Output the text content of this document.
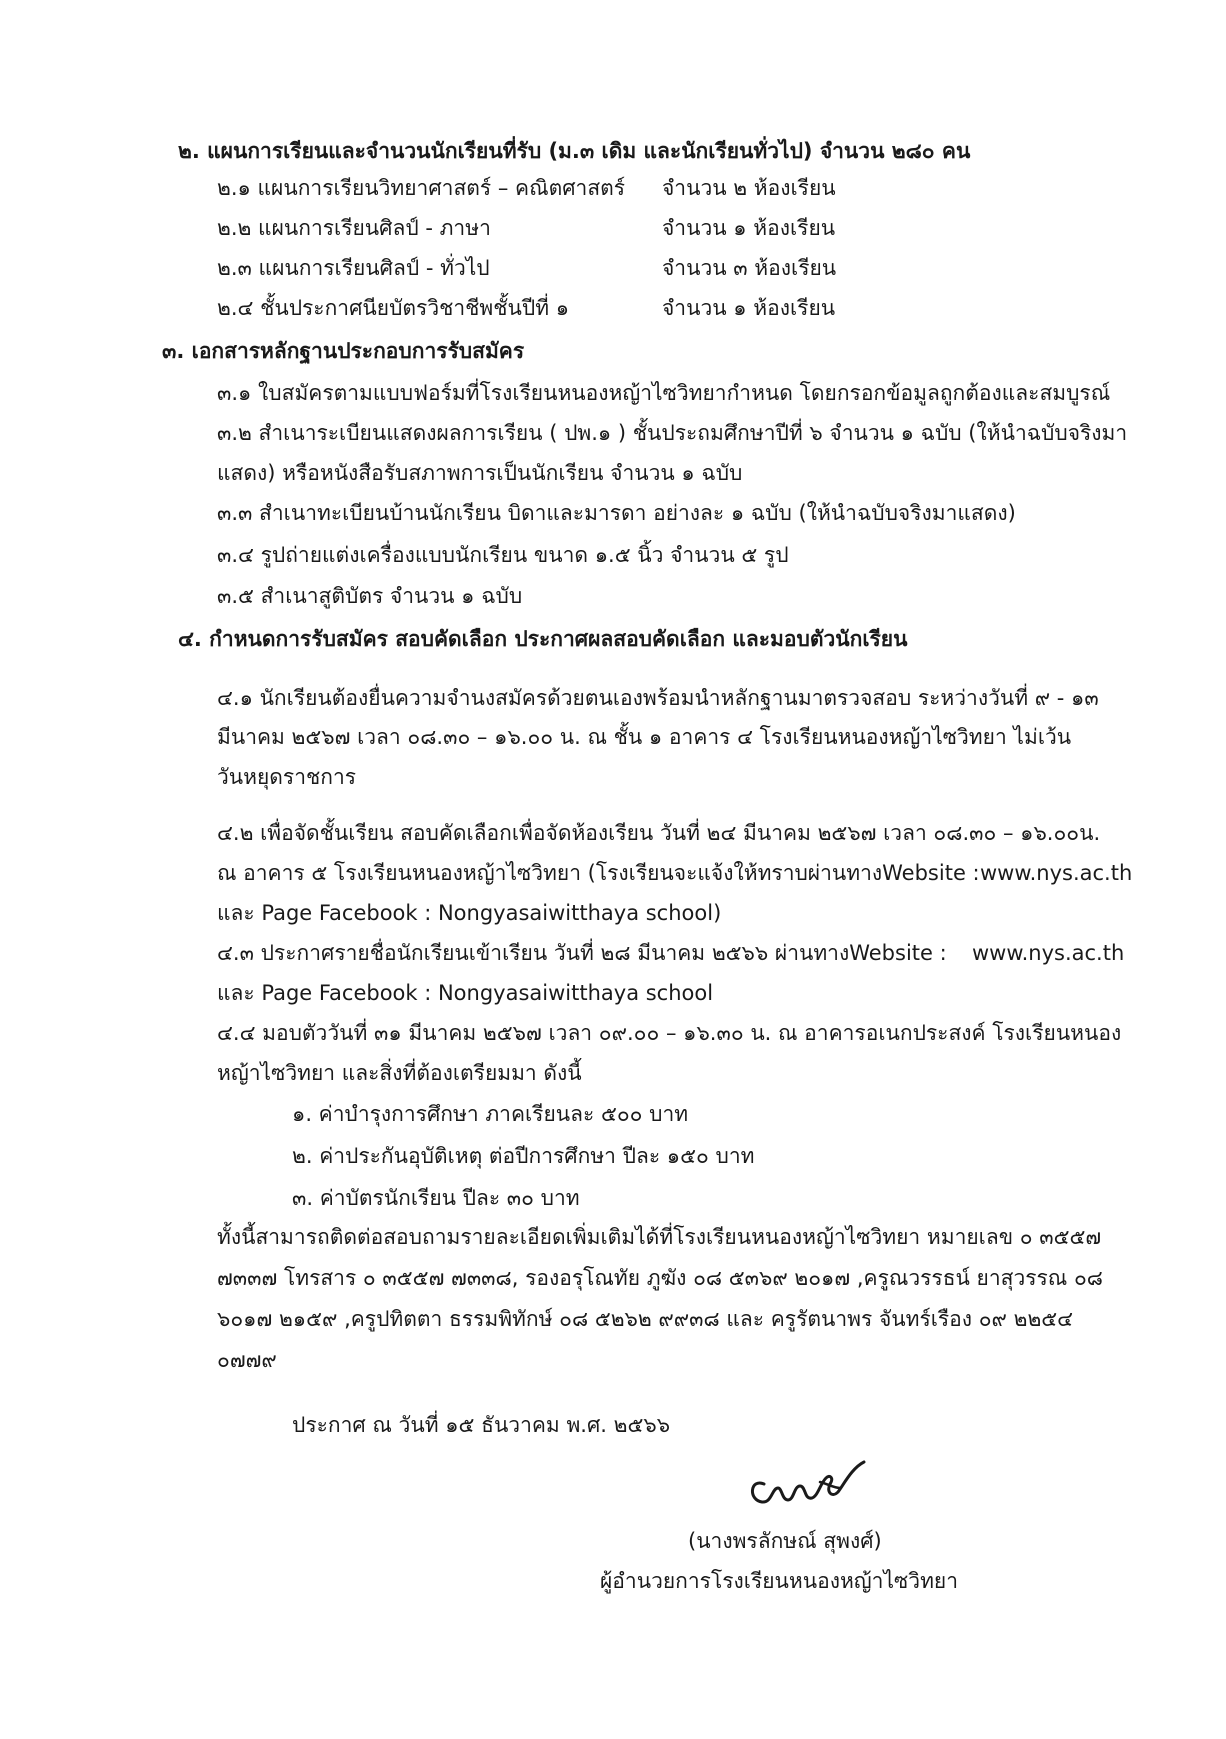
๒. แผนการเรียนและจำนวนนักเรียนที่รับ (ม.๓ เดิม และนักเรียนทั่วไป) จำนวน ๒๘๐ คน
๒.๑ แผนการเรียนวิทยาศาสตร์ – คณิตศาสตร์ จำนวน ๒ ห้องเรียน
๒.๒ แผนการเรียนศิลป์ - ภาษา	จำนวน ๑ ห้องเรียน
๒.๓ แผนการเรียนศิลป์ - ทั่วไป	จำนวน ๓ ห้องเรียน
๒.๔ ชั้นประกาศนียบัตรวิชาชีพชั้นปีที่ ๑	จำนวน ๑ ห้องเรียน
๓. เอกสารหลักฐานประกอบการรับสมัคร
๓.๑ ใบสมัครตามแบบฟอร์มที่โรงเรียนหนองหญ้าไซวิทยากำหนด โดยกรอกข้อมูลถูกต้องและสมบูรณ์
๓.๒ สำเนาระเบียนแสดงผลการเรียน ( ปพ.๑ ) ชั้นประถมศึกษาปีที่ ๖ จำนวน ๑ ฉบับ (ให้นำฉบับจริงมา
แสดง) หรือหนังสือรับสภาพการเป็นนักเรียน จำนวน ๑ ฉบับ
๓.๓ สำเนาทะเบียนบ้านนักเรียน บิดาและมารดา อย่างละ ๑ ฉบับ (ให้นำฉบับจริงมาแสดง)
๓.๔ รูปถ่ายแต่งเครื่องแบบนักเรียน ขนาด ๑.๕ นิ้ว จำนวน ๕ รูป
๓.๕ สำเนาสูติบัตร จำนวน ๑ ฉบับ
๔. กำหนดการรับสมัคร สอบคัดเลือก ประกาศผลสอบคัดเลือก และมอบตัวนักเรียน
๔.๑ นักเรียนต้องยื่นความจำนงสมัครด้วยตนเองพร้อมนำหลักฐานมาตรวจสอบ ระหว่างวันที่ ๙ - ๑๓
มีนาคม ๒๕๖๗ เวลา ๐๘.๓๐ – ๑๖.๐๐ น. ณ ชั้น ๑ อาคาร ๔ โรงเรียนหนองหญ้าไซวิทยา ไม่เว้น
วันหยุดราชการ
๔.๒ เพื่อจัดชั้นเรียน สอบคัดเลือกเพื่อจัดห้องเรียน วันที่ ๒๔ มีนาคม ๒๕๖๗ เวลา ๐๘.๓๐ – ๑๖.๐๐น.
ณ อาคาร ๕ โรงเรียนหนองหญ้าไซวิทยา (โรงเรียนจะแจ้งให้ทราบผ่านทางWebsite : www.nys.ac.th
และ Page Facebook : Nongyasaiwitthaya school)
๔.๓ ประกาศรายชื่อนักเรียนเข้าเรียน วันที่ ๒๘ มีนาคม ๒๕๖๖ ผ่านทางWebsite : www.nys.ac.th
และ Page Facebook : Nongyasaiwitthaya school
๔.๔ มอบตัววันที่ ๓๑ มีนาคม ๒๕๖๗ เวลา ๐๙.๐๐ – ๑๖.๓๐ น. ณ อาคารอเนกประสงค์ โรงเรียนหนอง
หญ้าไซวิทยา และสิ่งที่ต้องเตรียมมา ดังนี้
๑. ค่าบำรุงการศึกษา ภาคเรียนละ ๕๐๐ บาท
๒. ค่าประกันอุบัติเหตุ ต่อปีการศึกษา ปีละ ๑๕๐ บาท
๓. ค่าบัตรนักเรียน ปีละ ๓๐ บาท
ทั้งนี้สามารถติดต่อสอบถามรายละเอียดเพิ่มเติมได้ที่โรงเรียนหนองหญ้าไซวิทยา หมายเลข ๐ ๓๕๕๗
๗๓๓๗ โทรสาร ๐ ๓๕๕๗ ๗๓๓๘, รองอรุโณทัย ภูฆัง ๐๘ ๕๓๖๙ ๒๐๑๗ ,ครูณวรรธน์ ยาสุวรรณ ๐๘
๖๐๑๗ ๒๑๕๙ ,ครูปทิตตา ธรรมพิทักษ์ ๐๘ ๕๒๖๒ ๙๙๓๘ และ ครูรัตนาพร จันทร์เรือง ๐๙ ๒๒๕๔
๐๗๗๙
ประกาศ ณ วันที่ ๑๕ ธันวาคม พ.ศ. ๒๕๖๖
(นางพรลักษณ์ สุพงศ์)
ผู้อำนวยการโรงเรียนหนองหญ้าไซวิทยา
